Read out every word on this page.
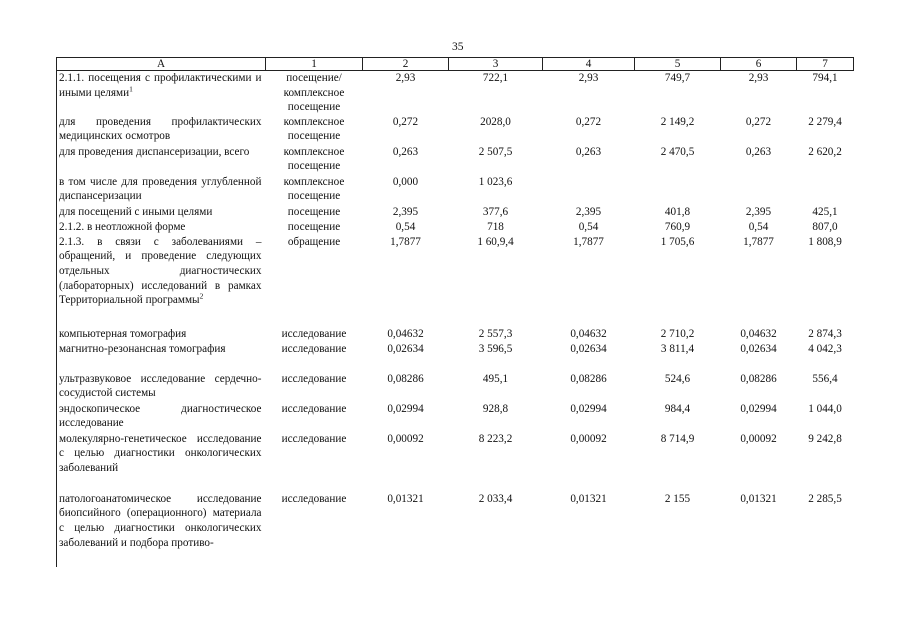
35
А	1	2	3	4	5	6	7
2.1.1. посещения с профилактическими и иными целями$^1$	посещение/ комплексное посещение	2,93	722,1	2,93	749,7	2,93	794,1
для проведения профилактических медицинских осмотров	комплексное посещение	0,272	2028,0	0,272	2 149,2	0,272	2 279,4
для проведения диспансеризации, всего	комплексное посещение	0,263	2 507,5	0,263	2 470,5	0,263	2 620,2
в том числе для проведения углубленной диспансеризации	комплексное посещение	0,000	1 023,6				
для посещений с иными целями	посещение	2,395	377,6	2,395	401,8	2,395	425,1
2.1.2. в неотложной форме	посещение	0,54	718	0,54	760,9	0,54	807,0
2.1.3. в связи с заболеваниями – обращений, и проведение следующих отдельных диагностических (лабораторных) исследований в рамках Территориальной программы$^2$	обращение	1,7877	1 60,9,4	1,7877	1 705,6	1,7877	1 808,9
компьютерная томография	исследование	0,04632	2 557,3	0,04632	2 710,2	0,04632	2 874,3
магнитно-резонансная томография	исследование	0,02634	3 596,5	0,02634	3 811,4	0,02634	4 042,3
ультразвуковое исследование сердечно-сосудистой системы	исследование	0,08286	495,1	0,08286	524,6	0,08286	556,4
эндоскопическое диагностическое исследование	исследование	0,02994	928,8	0,02994	984,4	0,02994	1 044,0
молекулярно-генетическое исследование с целью диагностики онкологических заболеваний	исследование	0,00092	8 223,2	0,00092	8 714,9	0,00092	9 242,8
патологоанатомическое исследование биопсийного (операционного) материала с целью диагностики онкологических заболеваний и подбора противо-	исследование	0,01321	2 033,4	0,01321	2 155	0,01321	2 285,5
